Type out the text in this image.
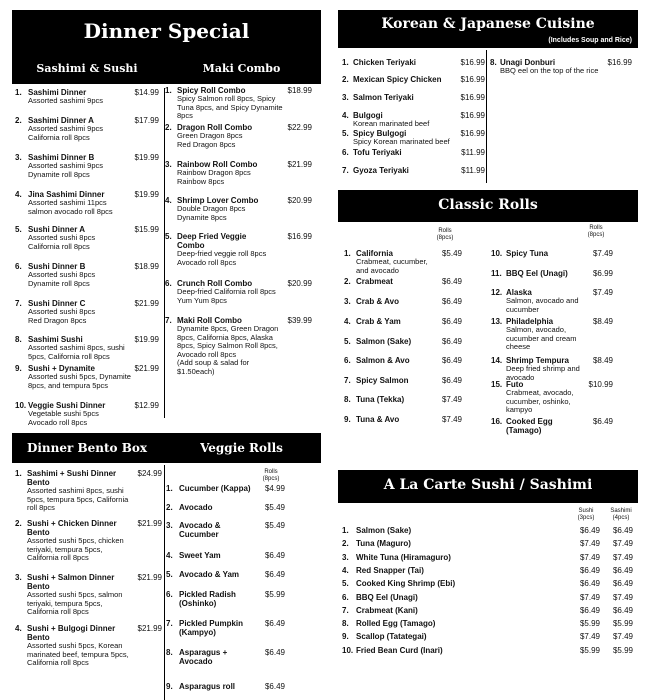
Dinner Special
Sashimi & Sushi	Maki Combo
1. Sashimi Dinner
Assorted sashimi 9pcs
$14.99
2. Sashimi Dinner A
Assorted sashimi 9pcs
California roll 8pcs
$17.99
3. Sashimi Dinner B
Assorted sashimi 9pcs
Dynamite roll 8pcs
$19.99
4. Jina Sashimi Dinner
Assorted sashimi 11pcs
salmon avocado roll 8pcs
$19.99
5. Sushi Dinner A
Assorted sushi 8pcs
California roll 8pcs
$15.99
6. Sushi Dinner B
Assorted sushi 8pcs
Dynamite roll 8pcs
$18.99
7. Sushi Dinner C
Assorted sushi 8pcs
Red Dragon 8pcs
$21.99
8. Sashimi Sushi
Assorted sashimi 8pcs, sushi
5pcs, California roll 8pcs
$19.99
9. Sushi + Dynamite
Assorted sushi 5pcs, Dynamite
8pcs, and tempura 5pcs
$21.99
10. Veggie Sushi Dinner
Vegetable sushi 5pcs
Avocado roll 8pcs
$12.99
1. Spicy Roll Combo
Spicy Salmon roll 8pcs, Spicy
Tuna 8pcs, and Spicy Dynamite
8pcs
$18.99
2. Dragon Roll Combo
Green Dragon 8pcs
Red Dragon 8pcs
$22.99
3. Rainbow Roll Combo
Rainbow Dragon 8pcs
Rainbow 8pcs
$21.99
4. Shrimp Lover Combo
Double Dragon 8pcs
Dynamite 8pcs
$20.99
5. Deep Fried Veggie
Combo
Deep-fried veggie roll 8pcs
Avocado roll 8pcs
$16.99
6. Crunch Roll Combo
Deep-fried California roll 8pcs
Yum Yum 8pcs
$20.99
7. Maki Roll Combo
Dynamite 8pcs, Green Dragon
8pcs, California 8pcs, Alaska
8pcs, Spicy Salmon Roll 8pcs,
Avocado roll 8pcs
(Add soup & salad for
$1.50each)
$39.99
Korean & Japanese Cuisine
(Includes Soup and Rice)
1. Chicken Teriyaki	$16.99
2. Mexican Spicy Chicken	$16.99
3. Salmon Teriyaki	$16.99
4. Bulgogi
Korean marinated beef
$16.99
5. Spicy Bulgogi
Spicy Korean marinated beef
$16.99
6. Tofu Teriyaki	$11.99
7. Gyoza Teriyaki	$11.99
8. Unagi Donburi
BBQ eel on the top of the rice
$16.99
Classic Rolls
Rolls
(8pcs)
Rolls
(8pcs)
1. California
Crabmeat, cucumber,
and avocado
$5.49
2. Crabmeat	$6.49
3. Crab & Avo	$6.49
4. Crab & Yam	$6.49
5. Salmon (Sake)	$6.49
6. Salmon & Avo	$6.49
7. Spicy Salmon	$6.49
8. Tuna (Tekka)	$7.49
9. Tuna & Avo	$7.49
10. Spicy Tuna	$7.49
11. BBQ Eel (Unagi)	$6.99
12. Alaska
Salmon, avocado and
cucumber
$7.49
13. Philadelphia
Salmon, avocado,
cucumber and cream
cheese
$8.49
14. Shrimp Tempura
Deep fried shrimp and
avocado
$8.49
15. Futo
Crabmeat, avocado,
cucumber, oshinko,
kampyo
$10.99
16. Cooked Egg
(Tamago)
$6.49
Dinner Bento Box	Veggie Rolls
Rolls
(8pcs)
1. Sashimi + Sushi Dinner
Bento
Assorted sashimi 8pcs, sushi
5pcs, tempura 5pcs, California
roll 8pcs
$24.99
2. Sushi + Chicken Dinner
Bento
Assorted sushi 5pcs, chicken
teriyaki, tempura 5pcs,
California roll 8pcs
$21.99
3. Sushi + Salmon Dinner
Bento
Assorted sushi 5pcs, salmon
teriyaki, tempura 5pcs,
California roll 8pcs
$21.99
4. Sushi + Bulgogi Dinner
Bento
Assorted sushi 5pcs, Korean
marinated beef, tempura 5pcs,
California roll 8pcs
$21.99
1. Cucumber (Kappa)	$4.99
2. Avocado	$5.49
3. Avocado &
Cucumber
$5.49
4. Sweet Yam	$6.49
5. Avocado & Yam	$6.49
6. Pickled Radish
(Oshinko)
$5.99
7. Pickled Pumpkin
(Kampyo)
$6.49
8. Asparagus +
Avocado
$6.49
9. Asparagus roll	$6.49
A La Carte Sushi / Sashimi
Sushi
(3pcs)
Sashimi
(4pcs)
1. Salmon (Sake)	$6.49	$6.49
2. Tuna (Maguro)	$7.49	$7.49
3. White Tuna (Hiramaguro)	$7.49	$7.49
4. Red Snapper (Tai)	$6.49	$6.49
5. Cooked King Shrimp (Ebi)	$6.49	$6.49
6. BBQ Eel (Unagi)	$7.49	$7.49
7. Crabmeat (Kani)	$6.49	$6.49
8. Rolled Egg (Tamago)	$5.99	$5.99
9. Scallop (Tatategai)	$7.49	$7.49
10. Fried Bean Curd (Inari)	$5.99	$5.99
